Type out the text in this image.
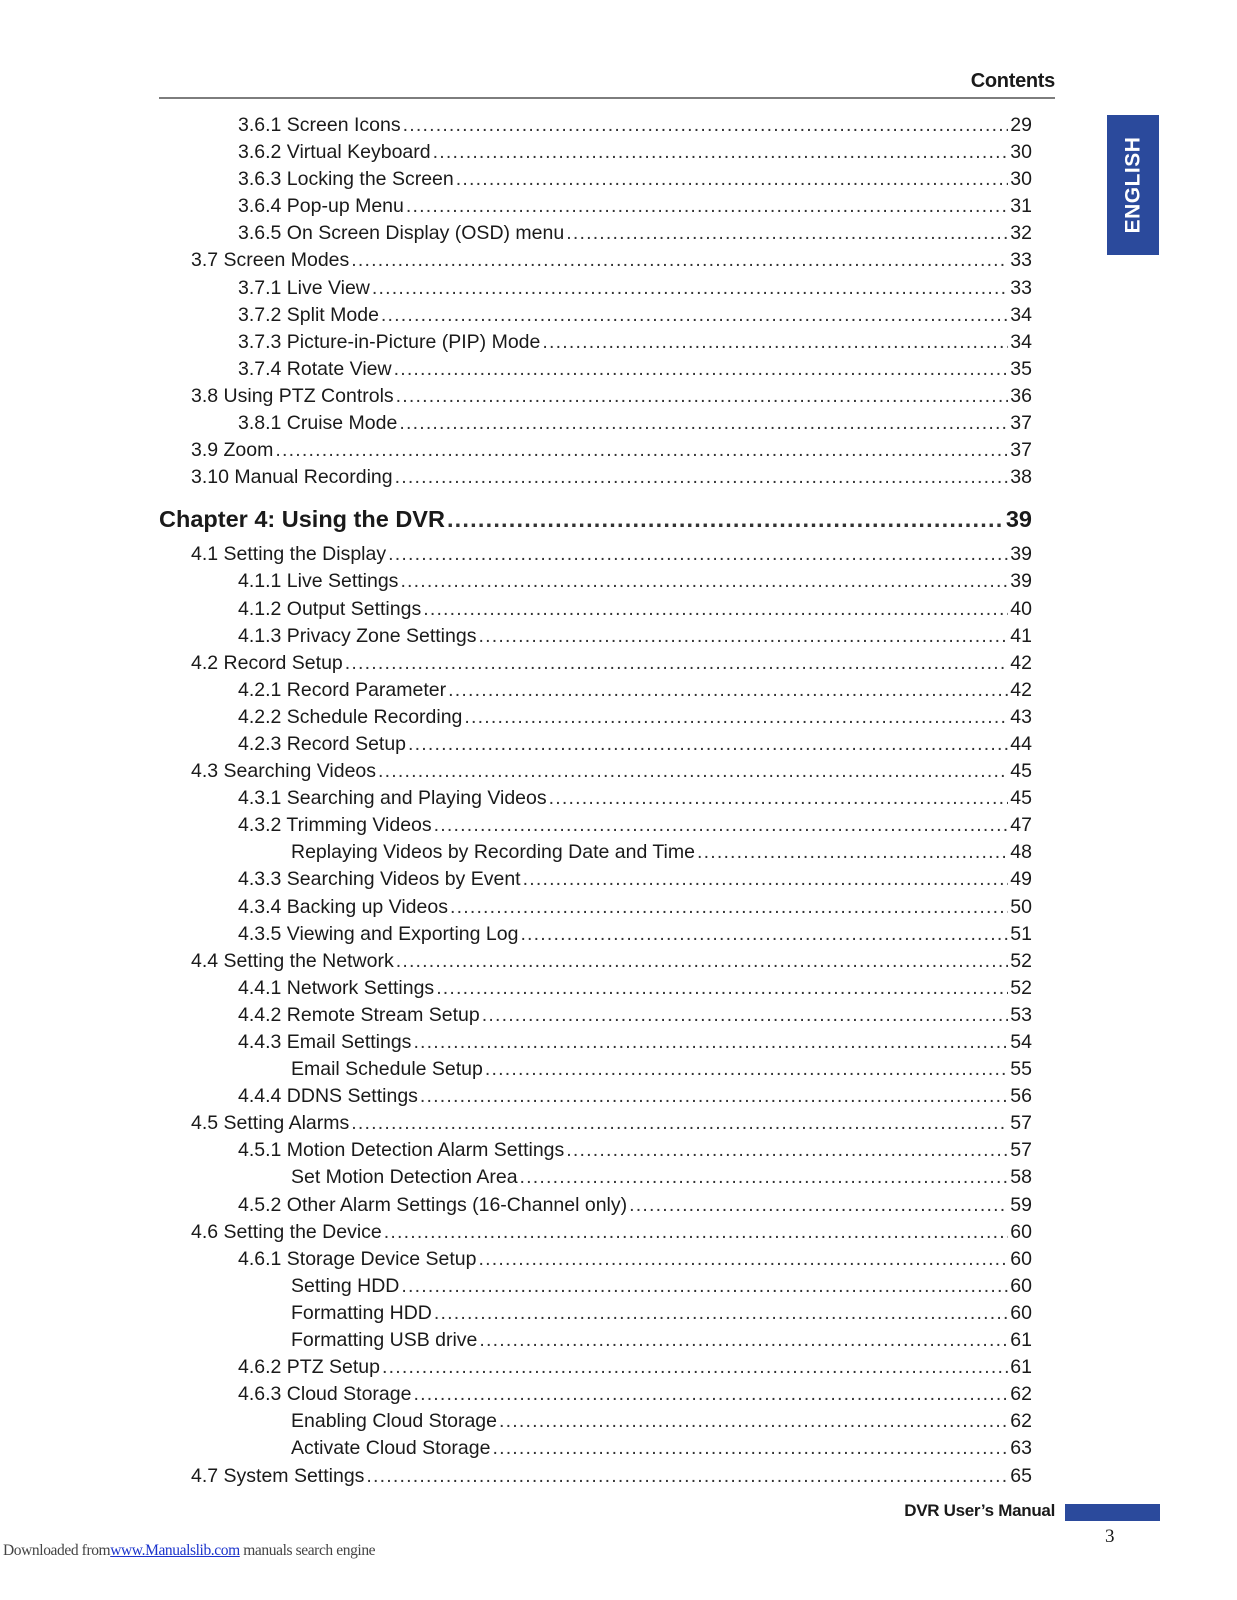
Contents
ENGLISH
3.6.1 Screen Icons .....	29
3.6.2 Virtual Keyboard .....	30
3.6.3 Locking the Screen .....	30
3.6.4 Pop-up Menu .....	31
3.6.5 On Screen Display (OSD) menu .....	32
3.7 Screen Modes .....	33
3.7.1 Live View .....	33
3.7.2 Split Mode .....	34
3.7.3 Picture-in-Picture (PIP) Mode .....	34
3.7.4 Rotate View .....	35
3.8 Using PTZ Controls .....	36
3.8.1 Cruise Mode .....	37
3.9 Zoom .....	37
3.10 Manual Recording .....	38
Chapter 4: Using the DVR .....	39
4.1 Setting the Display .....	39
4.1.1 Live Settings .....	39
4.1.2 Output Settings .....	40
4.1.3 Privacy Zone Settings .....	41
4.2 Record Setup .....	42
4.2.1 Record Parameter .....	42
4.2.2 Schedule Recording .....	43
4.2.3 Record Setup .....	44
4.3 Searching Videos .....	45
4.3.1 Searching and Playing Videos .....	45
4.3.2 Trimming Videos .....	47
Replaying Videos by Recording Date and Time .....	48
4.3.3 Searching Videos by Event .....	49
4.3.4 Backing up Videos .....	50
4.3.5 Viewing and Exporting Log .....	51
4.4 Setting the Network .....	52
4.4.1 Network Settings .....	52
4.4.2 Remote Stream Setup .....	53
4.4.3 Email Settings .....	54
Email Schedule Setup .....	55
4.4.4 DDNS Settings .....	56
4.5 Setting Alarms .....	57
4.5.1 Motion Detection Alarm Settings .....	57
Set Motion Detection Area .....	58
4.5.2 Other Alarm Settings (16-Channel only) .....	59
4.6 Setting the Device .....	60
4.6.1 Storage Device Setup .....	60
Setting HDD .....	60
Formatting HDD .....	60
Formatting USB drive .....	61
4.6.2 PTZ Setup .....	61
4.6.3 Cloud Storage .....	62
Enabling Cloud Storage .....	62
Activate Cloud Storage .....	63
4.7 System Settings .....	65
DVR User’s Manual
3
Downloaded fromwww.Manualslib.com manuals search engine
